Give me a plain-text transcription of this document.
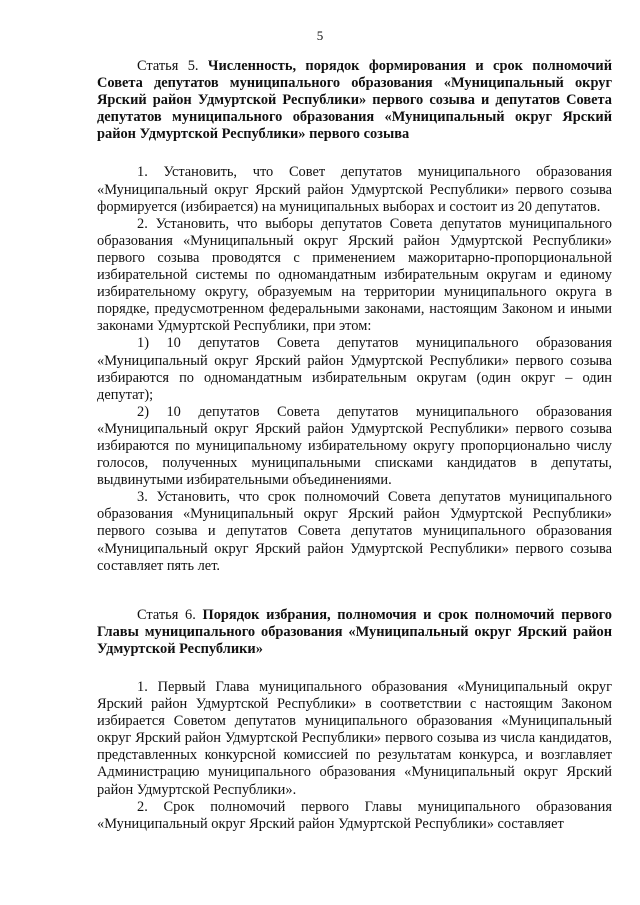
5

Статья 5. Численность, порядок формирования и срок полномочий Совета депутатов муниципального образования «Муниципальный округ Ярский район Удмуртской Республики» первого созыва и депутатов Совета депутатов муниципального образования «Муниципальный округ Ярский район Удмуртской Республики» первого созыва

1. Установить, что Совет депутатов муниципального образования «Муниципальный округ Ярский район Удмуртской Республики» первого созыва формируется (избирается) на муниципальных выборах и состоит из 20 депутатов.

2. Установить, что выборы депутатов Совета депутатов муниципального образования «Муниципальный округ Ярский район Удмуртской Республики» первого созыва проводятся с применением мажоритарно-пропорциональной избирательной системы по одномандатным избирательным округам и единому избирательному округу, образуемым на территории муниципального округа в порядке, предусмотренном федеральными законами, настоящим Законом и иными законами Удмуртской Республики, при этом:

1) 10 депутатов Совета депутатов муниципального образования «Муниципальный округ Ярский район Удмуртской Республики» первого созыва избираются по одномандатным избирательным округам (один округ – один депутат);

2) 10 депутатов Совета депутатов муниципального образования «Муниципальный округ Ярский район Удмуртской Республики» первого созыва избираются по муниципальному избирательному округу пропорционально числу голосов, полученных муниципальными списками кандидатов в депутаты, выдвинутыми избирательными объединениями.

3. Установить, что срок полномочий Совета депутатов муниципального образования «Муниципальный округ Ярский район Удмуртской Республики» первого созыва и депутатов Совета депутатов муниципального образования «Муниципальный округ Ярский район Удмуртской Республики» первого созыва составляет пять лет.

Статья 6. Порядок избрания, полномочия и срок полномочий первого Главы муниципального образования «Муниципальный округ Ярский район Удмуртской Республики»

1. Первый Глава муниципального образования «Муниципальный округ Ярский район Удмуртской Республики» в соответствии с настоящим Законом избирается Советом депутатов муниципального образования «Муниципальный округ Ярский район Удмуртской Республики» первого созыва из числа кандидатов, представленных конкурсной комиссией по результатам конкурса, и возглавляет Администрацию муниципального образования «Муниципальный округ Ярский район Удмуртской Республики».

2. Срок полномочий первого Главы муниципального образования «Муниципальный округ Ярский район Удмуртской Республики» составляет
